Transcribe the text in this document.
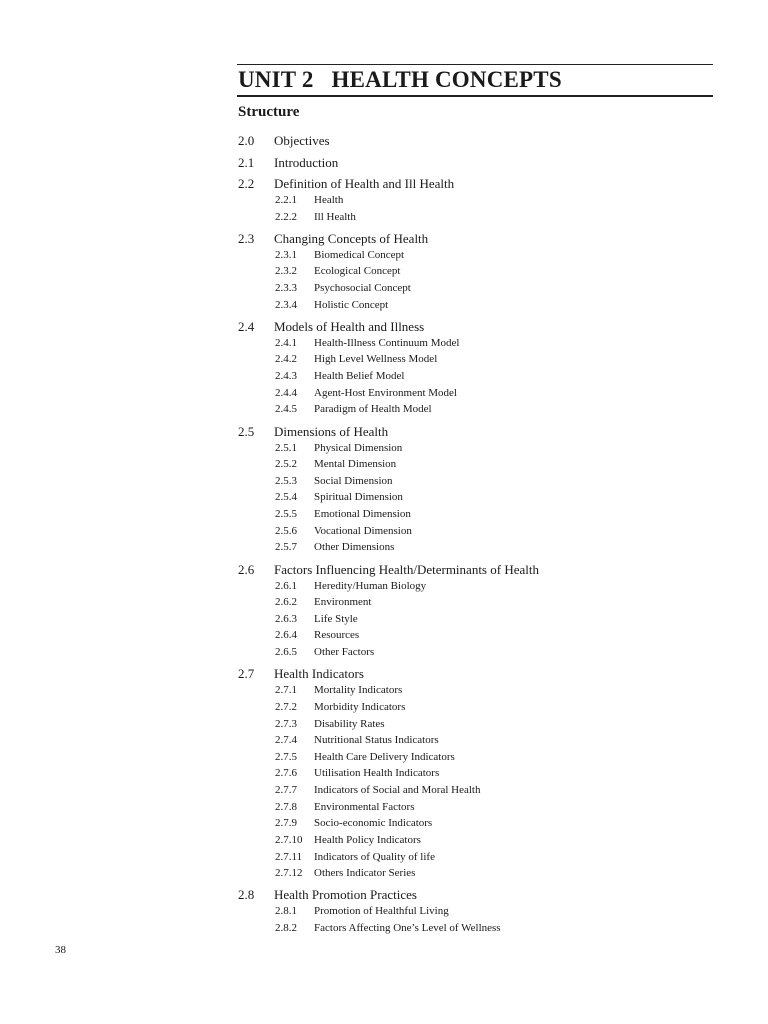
UNIT 2 HEALTH CONCEPTS
Structure
2.0 Objectives
2.1 Introduction
2.2 Definition of Health and Ill Health
2.2.1 Health
2.2.2 Ill Health
2.3 Changing Concepts of Health
2.3.1 Biomedical Concept
2.3.2 Ecological Concept
2.3.3 Psychosocial Concept
2.3.4 Holistic Concept
2.4 Models of Health and Illness
2.4.1 Health-Illness Continuum Model
2.4.2 High Level Wellness Model
2.4.3 Health Belief Model
2.4.4 Agent-Host Environment Model
2.4.5 Paradigm of Health Model
2.5 Dimensions of Health
2.5.1 Physical Dimension
2.5.2 Mental Dimension
2.5.3 Social Dimension
2.5.4 Spiritual Dimension
2.5.5 Emotional Dimension
2.5.6 Vocational Dimension
2.5.7 Other Dimensions
2.6 Factors Influencing Health/Determinants of Health
2.6.1 Heredity/Human Biology
2.6.2 Environment
2.6.3 Life Style
2.6.4 Resources
2.6.5 Other Factors
2.7 Health Indicators
2.7.1 Mortality Indicators
2.7.2 Morbidity Indicators
2.7.3 Disability Rates
2.7.4 Nutritional Status Indicators
2.7.5 Health Care Delivery Indicators
2.7.6 Utilisation Health Indicators
2.7.7 Indicators of Social and Moral Health
2.7.8 Environmental Factors
2.7.9 Socio-economic Indicators
2.7.10 Health Policy Indicators
2.7.11 Indicators of Quality of life
2.7.12 Others Indicator Series
2.8 Health Promotion Practices
2.8.1 Promotion of Healthful Living
2.8.2 Factors Affecting One’s Level of Wellness
38
